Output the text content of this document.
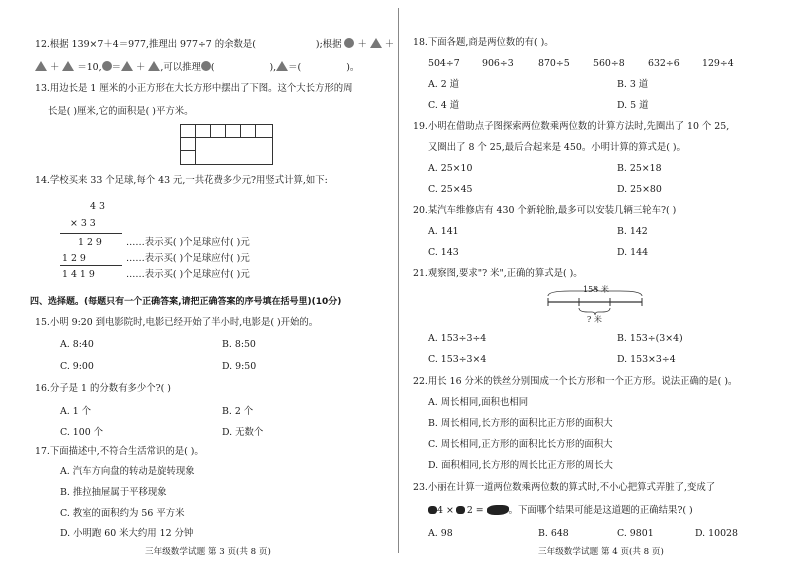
12.根据 139×7＋4＝977,推理出 977÷7 的余数是(	);根据  ＋  ＋
＋  ＝10, ＝ ＋ ,可以推理 (	), ＝(	)。
13.用边长是 1 厘米的小正方形在大长方形中摆出了下图。这个大长方形的周
长是( )厘米,它的面积是( )平方米。
14.学校买来 33 个足球,每个 43 元,一共花费多少元?用竖式计算,如下:
4 3
× 3 3
1 2 9	……表示买( )个足球应付( )元
1 2 9	……表示买( )个足球应付( )元
1 4 1 9	……表示买( )个足球应付( )元
四、选择题。(每题只有一个正确答案,请把正确答案的序号填在括号里)(10分)
15.小明 9:20 到电影院时,电影已经开始了半小时,电影是( )开始的。
A. 8:40	B. 8:50
C. 9:00	D. 9:50
16.分子是 1 的分数有多少个?( )
A. 1 个	B. 2 个
C. 100 个	D. 无数个
17.下面描述中,不符合生活常识的是( )。
A. 汽车方向盘的转动是旋转现象
B. 推拉抽屉属于平移现象
C. 教室的面积约为 56 平方米
D. 小明跑 60 米大约用 12 分钟
三年级数学试题 第 3 页(共 8 页)
18.下面各题,商是两位数的有( )。
504÷7 906÷3	870÷5 560÷8 632÷6 129÷4
A. 2 道	B. 3 道
C. 4 道	D. 5 道
19.小明在借助点子图探索两位数乘两位数的计算方法时,先圈出了 10 个 25,
又圈出了 8 个 25,最后合起来是 450。小明计算的算式是( )。
A. 25×10	B. 25×18
C. 25×45	D. 25×80
20.某汽车维修店有 430 个新轮胎,最多可以安装几辆三轮车?( )
A. 141	B. 142
C. 143	D. 144
21.观察图,要求"? 米",正确的算式是( )。
153 米
? 米
A. 153÷3÷4	B. 153÷(3×4)
C. 153÷3×4	D. 153×3÷4
22.用长 16 分米的铁丝分别围成一个长方形和一个正方形。说法正确的是( )。
A. 周长相同,面积也相同
B. 周长相同,长方形的面积比正方形的面积大
C. 周长相同,正方形的面积比长方形的面积大
D. 面积相同,长方形的周长比正方形的周长大
23.小丽在计算一道两位数乘两位数的算式时,不小心把算式弄脏了,变成了
4 × 2 =	。下面哪个结果可能是这道题的正确结果?( )
A. 98	B. 648	C. 9801	D. 10028
三年级数学试题 第 4 页(共 8 页)
